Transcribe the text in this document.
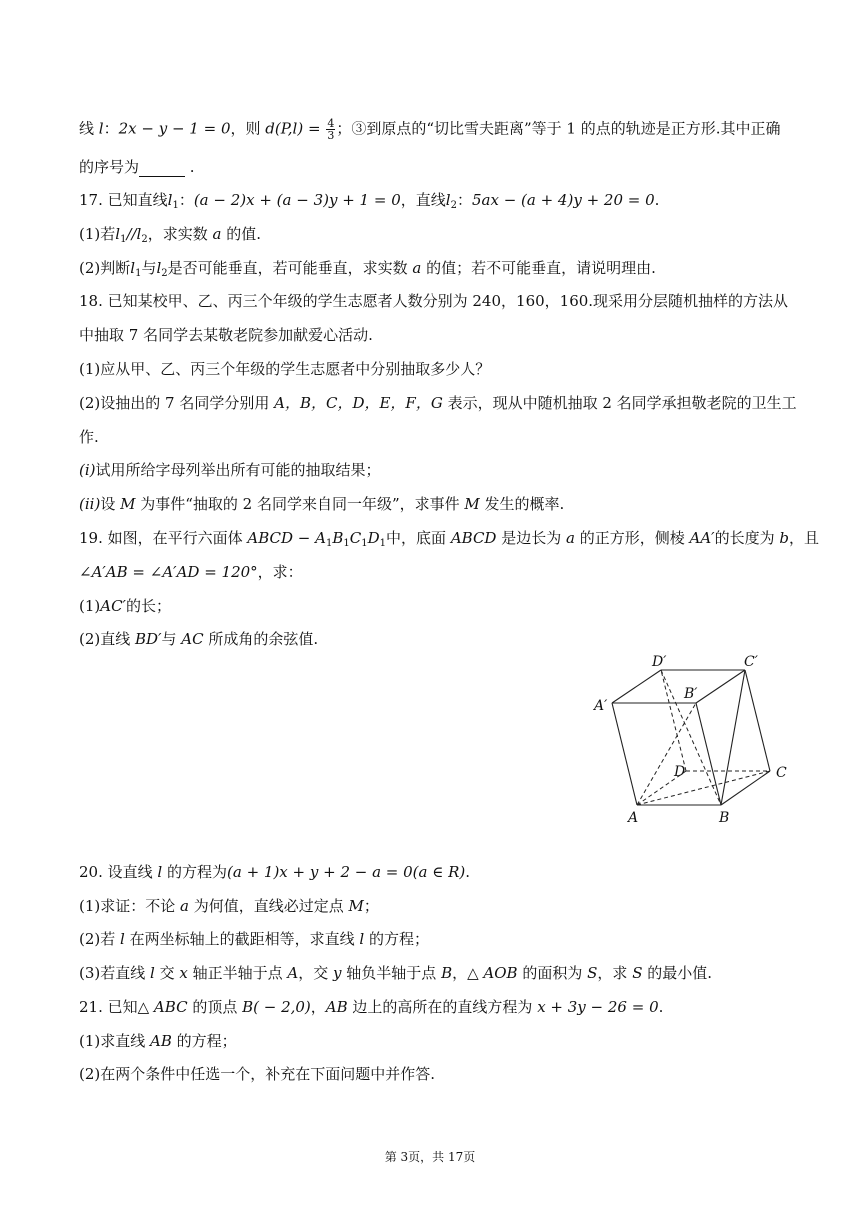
线 l：2x − y − 1 = 0，则 $d(P,l) = \frac{4}{3}$ ；③到原点的“切比雪夫距离”等于 1 的点的轨迹是正方形.其中正确
的序号为	.
17. 已知直线$l_1$：(a − 2)x + (a − 3)y + 1 = 0，直线$l_2$：5ax − (a + 4)y + 20 = 0.
(1)若$l_1//l_2$，求实数 a 的值.
(2)判断$l_1$与$l_2$是否可能垂直，若可能垂直，求实数 a 的值；若不可能垂直，请说明理由.
18. 已知某校甲、乙、丙三个年级的学生志愿者人数分别为 240，160，160.现采用分层随机抽样的方法从
中抽取 7 名同学去某敬老院参加献爱心活动.
(1)应从甲、乙、丙三个年级的学生志愿者中分别抽取多少人？
(2)设抽出的 7 名同学分别用 A，B，C，D，E，F，G 表示，现从中随机抽取 2 名同学承担敬老院的卫生工
作.
(i)试用所给字母列举出所有可能的抽取结果；
(ii)设 M 为事件“抽取的 2 名同学来自同一年级”，求事件 M 发生的概率.
19. 如图，在平行六面体 ABCD − $A_1B_1C_1D_1$中，底面 ABCD 是边长为 a 的正方形，侧棱 AA′的长度为 b，且
∠A′AB = ∠A′AD = 120°，求：
(1)AC′的长；
(2)直线 BD′与 AC 所成角的余弦值.
A	B
C
D
A′
B′
C′
D′
20. 设直线 l 的方程为(a + 1)x + y + 2 − a = 0(a ∈ R).
(1)求证：不论 a 为何值，直线必过定点 M；
(2)若 l 在两坐标轴上的截距相等，求直线 l 的方程；
(3)若直线 l 交 x 轴正半轴于点 A，交 y 轴负半轴于点 B，△ AOB 的面积为 S，求 S 的最小值.
21. 已知△ ABC 的顶点 B( − 2,0)，AB 边上的高所在的直线方程为 x + 3y − 26 = 0.
(1)求直线 AB 的方程；
(2)在两个条件中任选一个，补充在下面问题中并作答.
第 3页，共 17页
